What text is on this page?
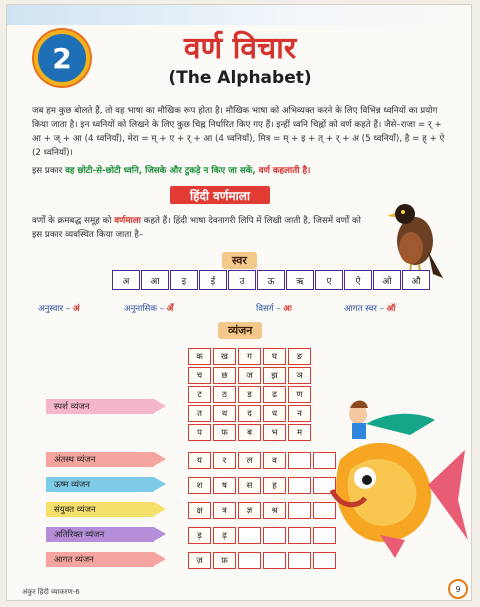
2	वर्ण विचार
(The Alphabet)
जब हम कुछ बोलते हैं, तो वह भाषा का मौखिक रूप होता है। मौखिक भाषा को अभिव्यक्त करने के लिए विभिन्न ध्वनियों का प्रयोग किया जाता है। इन ध्वनियों को लिखने के लिए कुछ चिह्न निर्धारित किए गए हैं। इन्हीं ध्वनि चिह्नों को वर्ण कहते हैं। जैसे–राजा = र् + आ + ज् + आ (4 ध्वनियाँ), मेरा = म् + ए + र् + आ (4 ध्वनियाँ), मित्र = म् + इ + त् + र् + अ (5 ध्वनियाँ), है = ह् + ऐ (2 ध्वनियाँ)।
इस प्रकार वह छोटी-से-छोटी ध्वनि, जिसके और टुकड़े न किए जा सकें, वर्ण कहलाती है।
हिंदी वर्णमाला
वर्णों के क्रमबद्ध समूह को वर्णमाला कहते हैं। हिंदी भाषा देवनागरी लिपि में लिखी जाती है, जिसमें वर्णों को इस प्रकार व्यवस्थित किया जाता है–
स्वर
अ	आ	इ	ई	उ	ऊ	ऋ	ए	ऐ	ओ	औ
अनुस्वार – अं	अनुनासिक – अँ	विसर्ग – अः	आगत स्वर – ऑ
व्यंजन
स्पर्श व्यंजन
क	ख	ग	घ	ङ
च	छ	ज	झ	ञ
ट	ठ	ड	ढ	ण
त	थ	द	ध	न
प	फ	ब	भ	म
अंतस्थ व्यंजन	य	र	ल	व
ऊष्म व्यंजन	श	ष	स	ह
संयुक्त व्यंजन	क्ष	त्र	ज्ञ	श्र
अतिरिक्त व्यंजन	ड़	ढ़
आगत व्यंजन	ज़	फ़
अंकुर हिंदी व्याकरण-6	9
